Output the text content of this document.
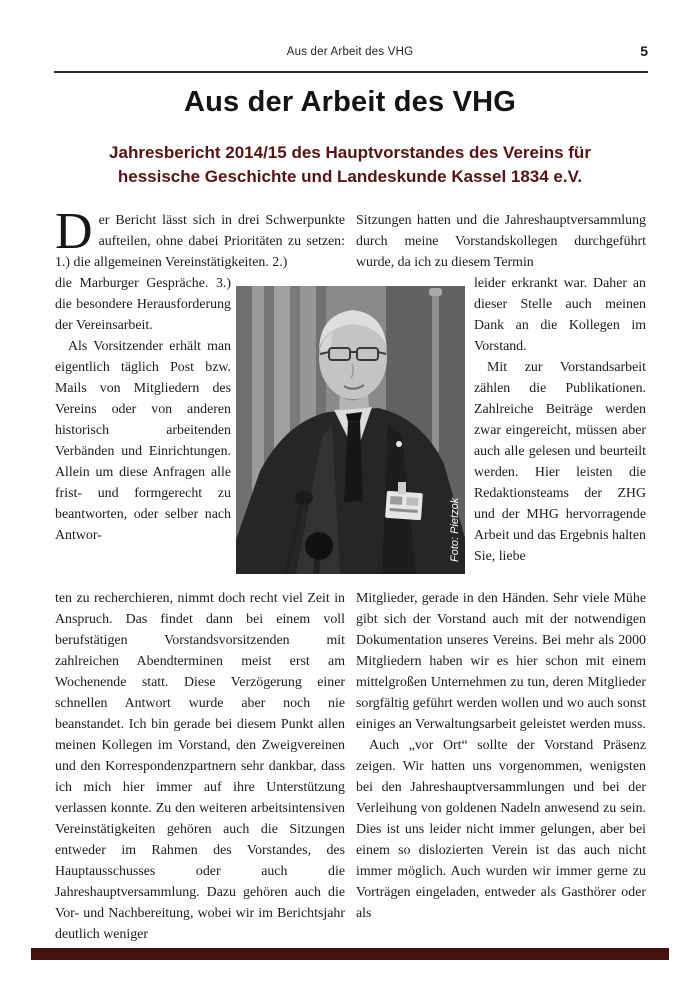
Aus der Arbeit des VHG	5
Aus der Arbeit des VHG
Jahresbericht 2014/15 des Hauptvorstandes des Vereins für
hessische Geschichte und Landeskunde Kassel 1834 e.V.

Der Bericht lässt sich in drei Schwerpunkte aufteilen, ohne dabei Prioritäten zu setzen: 1.) die allgemeinen Vereinstätigkeiten. 2.)

die Marburger Gespräche. 3.) die besondere Herausforderung der Vereinsarbeit.

Als Vorsitzender erhält man eigentlich täglich Post bzw. Mails von Mitgliedern des Vereins oder von anderen historisch arbeitenden Verbänden und Einrichtungen. Allein um diese Anfragen alle frist- und formgerecht zu beantworten, oder selber nach Antwor-

ten zu recherchieren, nimmt doch recht viel Zeit in Anspruch. Das findet dann bei einem voll berufstätigen Vorstandsvorsitzenden mit zahlreichen Abendterminen meist erst am Wochenende statt. Diese Verzögerung einer schnellen Antwort wurde aber noch nie beanstandet. Ich bin gerade bei diesem Punkt allen meinen Kollegen im Vorstand, den Zweigvereinen und den Korrespondenzpartnern sehr dankbar, dass ich mich hier immer auf ihre Unterstützung verlassen konnte. Zu den weiteren arbeitsintensiven Vereinstätigkeiten gehören auch die Sitzungen entweder im Rahmen des Vorstandes, des Hauptausschusses oder auch die Jahreshauptversammlung. Dazu gehören auch die Vor- und Nachbereitung, wobei wir im Berichtsjahr deutlich weniger

Sitzungen hatten und die Jahreshauptversammlung durch meine Vorstandskollegen durchgeführt wurde, da ich zu diesem Termin

leider erkrankt war. Daher an dieser Stelle auch meinen Dank an die Kollegen im Vorstand.

Mit zur Vorstandsarbeit zählen die Publikationen. Zahlreiche Beiträge werden zwar eingereicht, müssen aber auch alle gelesen und beurteilt werden. Hier leisten die Redaktionsteams der ZHG und der MHG hervorragende Arbeit und das Ergebnis halten Sie, liebe

Mitglieder, gerade in den Händen. Sehr viele Mühe gibt sich der Vorstand auch mit der notwendigen Dokumentation unseres Vereins. Bei mehr als 2000 Mitgliedern haben wir es hier schon mit einem mittelgroßen Unternehmen zu tun, deren Mitglieder sorgfältig geführt werden wollen und wo auch sonst einiges an Verwaltungsarbeit geleistet werden muss.

Auch „vor Ort“ sollte der Vorstand Präsenz zeigen. Wir hatten uns vorgenommen, wenigsten bei den Jahreshauptversammlungen und bei der Verleihung von goldenen Nadeln anwesend zu sein. Dies ist uns leider nicht immer gelungen, aber bei einem so dislozierten Verein ist das auch nicht immer möglich. Auch wurden wir immer gerne zu Vorträgen eingeladen, entweder als Gasthörer oder als

Foto: Pietzok
